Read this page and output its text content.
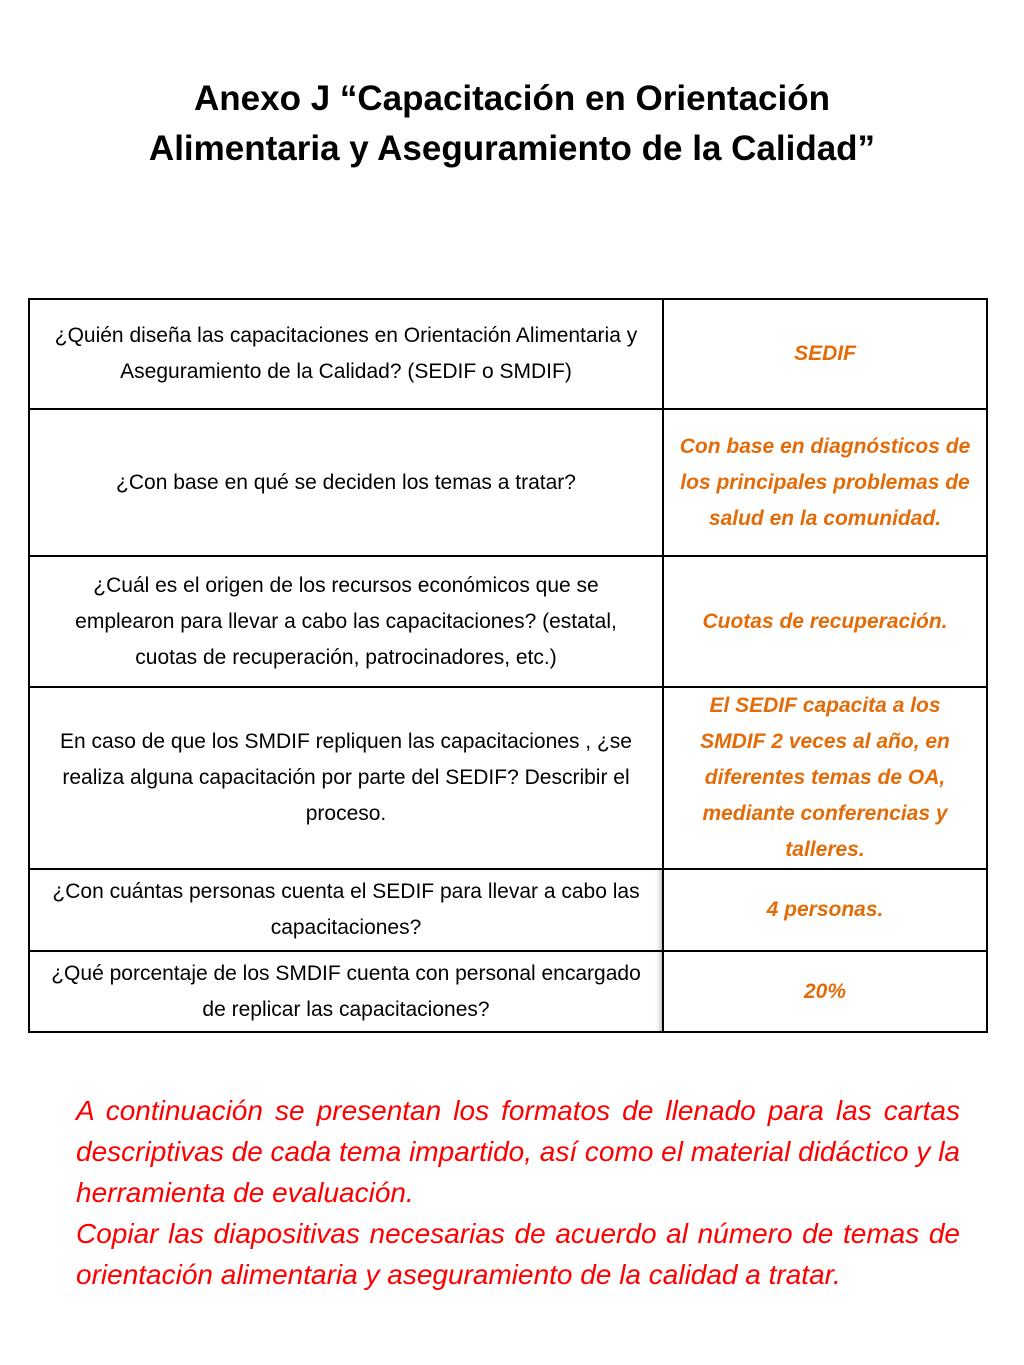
Anexo J “Capacitación en Orientación
Alimentaria y Aseguramiento de la Calidad”
¿Quién diseña las capacitaciones en Orientación Alimentaria y Aseguramiento de la Calidad? (SEDIF o SMDIF)	SEDIF
¿Con base en qué se deciden los temas a tratar?	Con base en diagnósticos de los principales problemas de salud en la comunidad.
¿Cuál es el origen de los recursos económicos que se emplearon para llevar a cabo las capacitaciones? (estatal, cuotas de recuperación, patrocinadores, etc.)	Cuotas de recuperación.
En caso de que los SMDIF repliquen las capacitaciones , ¿se realiza alguna capacitación por parte del SEDIF? Describir el proceso.	El SEDIF capacita a los SMDIF 2 veces al año, en diferentes temas de OA, mediante conferencias y talleres.
¿Con cuántas personas cuenta el SEDIF para llevar a cabo las capacitaciones?	4 personas.
¿Qué porcentaje de los SMDIF cuenta con personal encargado de replicar las capacitaciones?	20%

A continuación se presentan los formatos de llenado para las cartas descriptivas de cada tema impartido, así como el material didáctico y la herramienta de evaluación.

Copiar las diapositivas necesarias de acuerdo al número de temas de orientación alimentaria y aseguramiento de la calidad a tratar.
